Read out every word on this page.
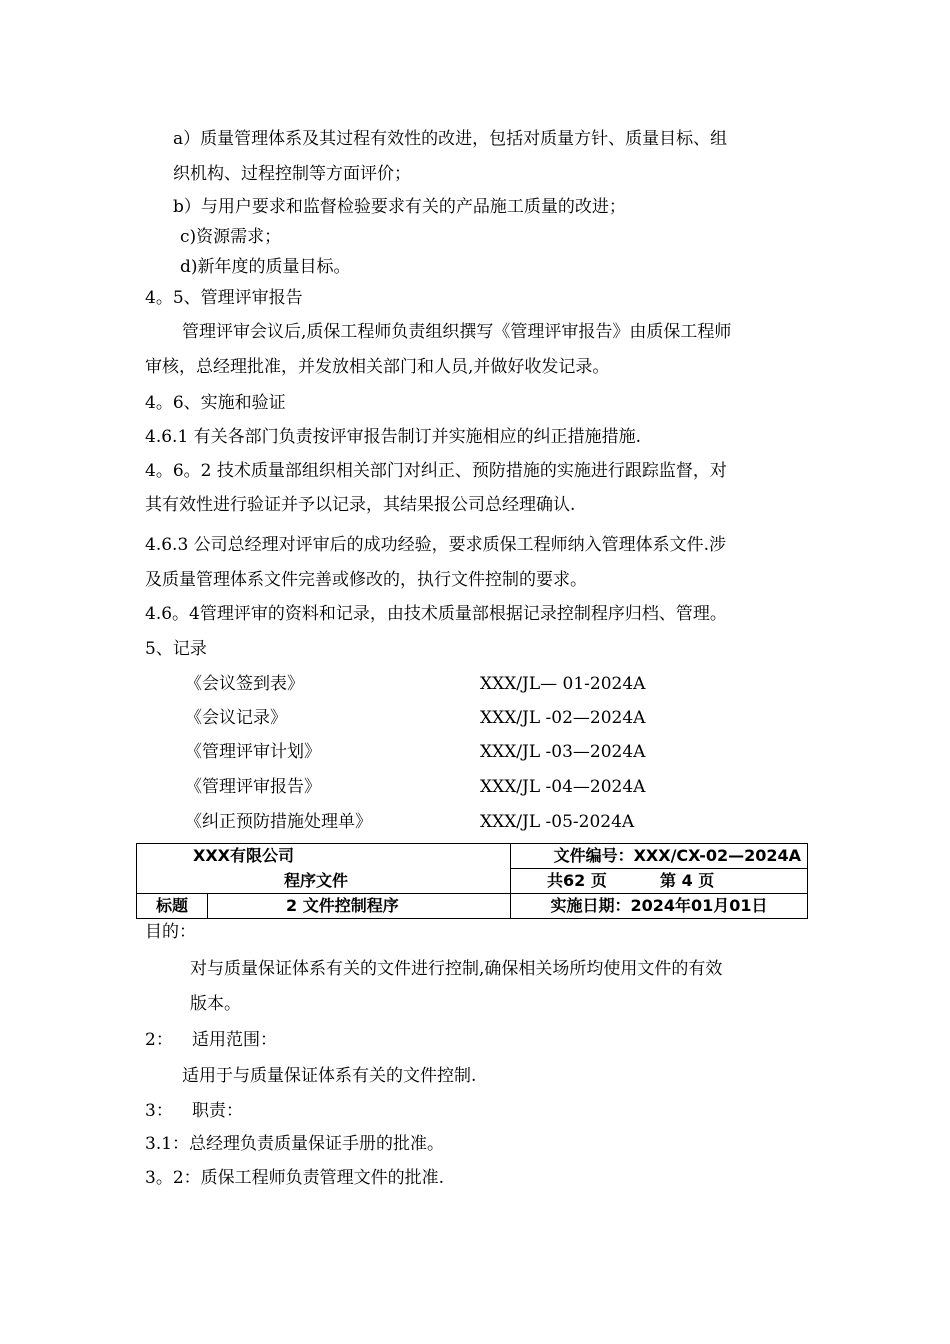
a）质量管理体系及其过程有效性的改进，包括对质量方针、质量目标、组
织机构、过程控制等方面评价；
b）与用户要求和监督检验要求有关的产品施工质量的改进；
c)资源需求；
d)新年度的质量目标。
4。5、管理评审报告
管理评审会议后,质保工程师负责组织撰写《管理评审报告》由质保工程师
审核，总经理批准，并发放相关部门和人员,并做好收发记录。
4。6、实施和验证
4.6.1 有关各部门负责按评审报告制订并实施相应的纠正措施措施.
4。6。2 技术质量部组织相关部门对纠正、预防措施的实施进行跟踪监督，对
其有效性进行验证并予以记录，其结果报公司总经理确认.
4.6.3 公司总经理对评审后的成功经验，要求质保工程师纳入管理体系文件.涉
及质量管理体系文件完善或修改的，执行文件控制的要求。
4.6。4管理评审的资料和记录，由技术质量部根据记录控制程序归档、管理。
5、记录
《会议签到表》	XXX/JL— 01-2024A
《会议记录》	XXX/JL -02—2024A
《管理评审计划》	XXX/JL -03—2024A
《管理评审报告》	XXX/JL -04—2024A
《纠正预防措施处理单》	XXX/JL -05-2024A
XXX有限公司		文件编号：XXX/CX-02—2024A
程序文件		共62 页 第 4 页
标题	2 文件控制程序	实施日期：2024年01月01日
目的：
对与质量保证体系有关的文件进行控制,确保相关场所均使用文件的有效
版本。
2： 适用范围：
适用于与质量保证体系有关的文件控制.
3： 职责：
3.1：总经理负责质量保证手册的批准。
3。2：质保工程师负责管理文件的批准.
